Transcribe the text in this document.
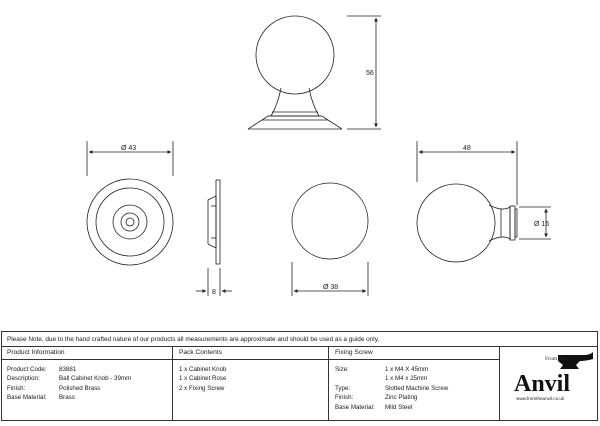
56
Ø 43
8
Ø 38
48
Ø 16
Please Note, due to the hand crafted nature of our products all measurements are approximate and should be used as a guide only.
Product Information
Product Code: 83881
Description:	Ball Cabinet Knob - 39mm
Finish:	Polished Brass
Base Material: Brass
Pack Contents
1 x Cabinet Knob
1 x Cabinet Rose
2 x Fixing Screw
Fixing Screw
Size:	1 x M4 X 45mm
1 x M4 x 25mm
Type:	Slotted Machine Screw
Finish:	Zinc Plating
Base Material: Mild Steel
From the
Anvil
www.fromtheanvil.co.uk
